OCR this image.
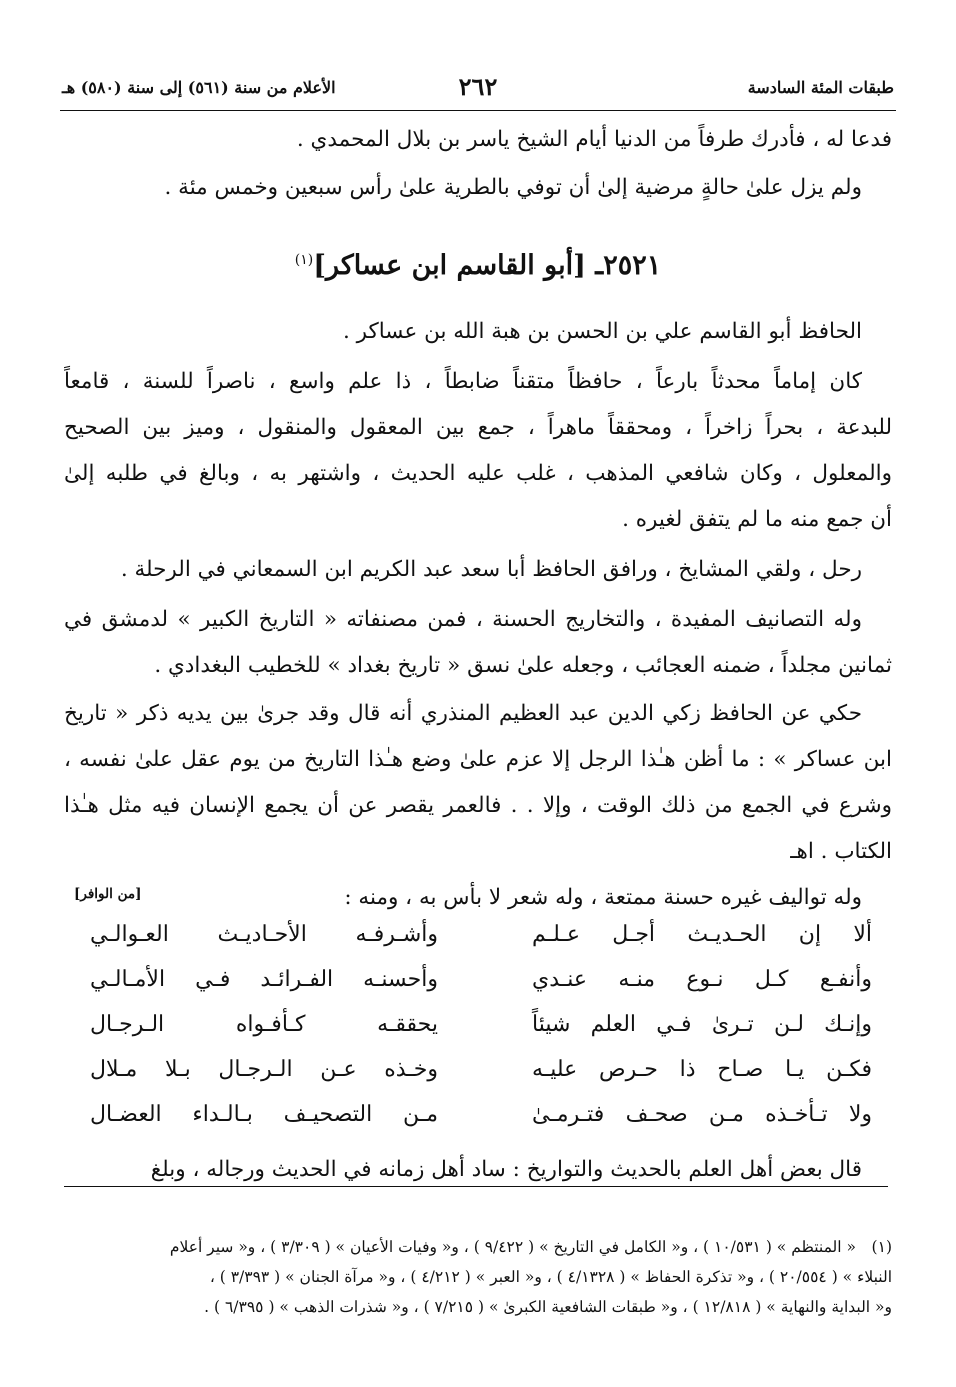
طبقات المئة السادسة
٢٦٢
الأعلام من سنة (٥٦١) إلى سنة (٥٨٠) هـ
فدعا له ، فأدرك طرفاً من الدنيا أيام الشيخ ياسر بن بلال المحمدي .
ولم يزل علىٰ حالةٍ مرضية إلىٰ أن توفي بالطرية علىٰ رأس سبعين وخمس مئة .
٢٥٢١ـ [أبو القاسم ابن عساكر]$^{(١)}$
الحافظ أبو القاسم علي بن الحسن بن هبة الله بن عساكر .
كان إماماً محدثاً بارعاً ، حافظاً متقناً ضابطاً ، ذا علم واسع ، ناصراً للسنة ، قامعاً
للبدعة ، بحراً زاخراً ، ومحققاً ماهراً ، جمع بين المعقول والمنقول ، وميز بين الصحيح
والمعلول ، وكان شافعي المذهب ، غلب عليه الحديث ، واشتهر به ، وبالغ في طلبه إلىٰ
أن جمع منه ما لم يتفق لغيره .
رحل ، ولقي المشايخ ، ورافق الحافظ أبا سعد عبد الكريم ابن السمعاني في الرحلة .
وله التصانيف المفيدة ، والتخاريج الحسنة ، فمن مصنفاته « التاريخ الكبير » لدمشق في
ثمانين مجلداً ، ضمنه العجائب ، وجعله علىٰ نسق « تاريخ بغداد » للخطيب البغدادي .
حكي عن الحافظ زكي الدين عبد العظيم المنذري أنه قال وقد جرىٰ بين يديه ذكر « تاريخ
ابن عساكر » : ما أظن هـٰذا الرجل إلا عزم علىٰ وضع هـٰذا التاريخ من يوم عقل علىٰ نفسه ،
وشرع في الجمع من ذلك الوقت ، وإلا . . فالعمر يقصر عن أن يجمع الإنسان فيه مثل هـٰذا
الكتاب . اهـ
وله تواليف غيره حسنة ممتعة ، وله شعر لا بأس به ، ومنه :
[من الوافر]
ألا إن الحـديـث أجـل عـلـم
وأشـرفـه الأحـاديـث العـوالـي
وأنفـع كـل نـوع منـه عنـدي
وأحسنـه الفـرائـد فـي الأمـالـي
وإنـك لـن تـرىٰ فـي العلم شيئاً
يحققـه كـأفـواه الـرجـال
فكـن يـا صـاح ذا حـرص عليـه
وخـذه عـن الـرجـال بـلا مـلال
ولا تـأخـذه مـن صحـف فتـرمـىٰ
مـن التصحيـف بـالـداء العضـال
قال بعض أهل العلم بالحديث والتواريخ : ساد أهل زمانه في الحديث ورجاله ، وبلغ
(١)« المنتظم » ( ١٠/٥٣١ ) ، و« الكامل في التاريخ » ( ٩/٤٢٢ ) ، و« وفيات الأعيان » ( ٣/٣٠٩ ) ، و« سير أعلام
النبلاء » ( ٢٠/٥٥٤ ) ، و« تذكرة الحفاظ » ( ٤/١٣٢٨ ) ، و« العبر » ( ٤/٢١٢ ) ، و« مرآة الجنان » ( ٣/٣٩٣ ) ،
و« البداية والنهاية » ( ١٢/٨١٨ ) ، و« طبقات الشافعية الكبرىٰ » ( ٧/٢١٥ ) ، و« شذرات الذهب » ( ٦/٣٩٥ ) .
